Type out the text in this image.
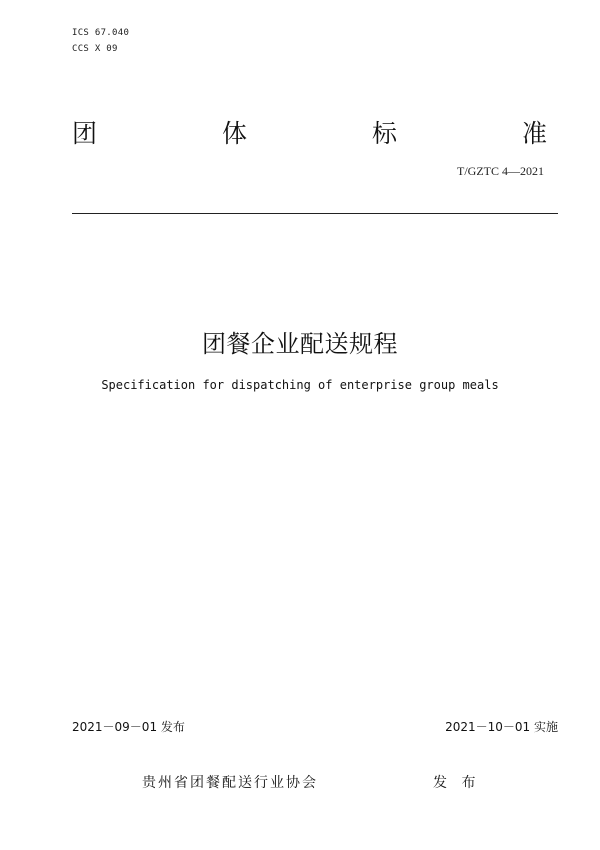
ICS 67.040
CCS X 09
团	体	标	准
T/GZTC 4—2021
团餐企业配送规程
Specification for dispatching of enterprise group meals
2021－09－01 发布	2021－10－01 实施
贵州省团餐配送行业协会	发 布
